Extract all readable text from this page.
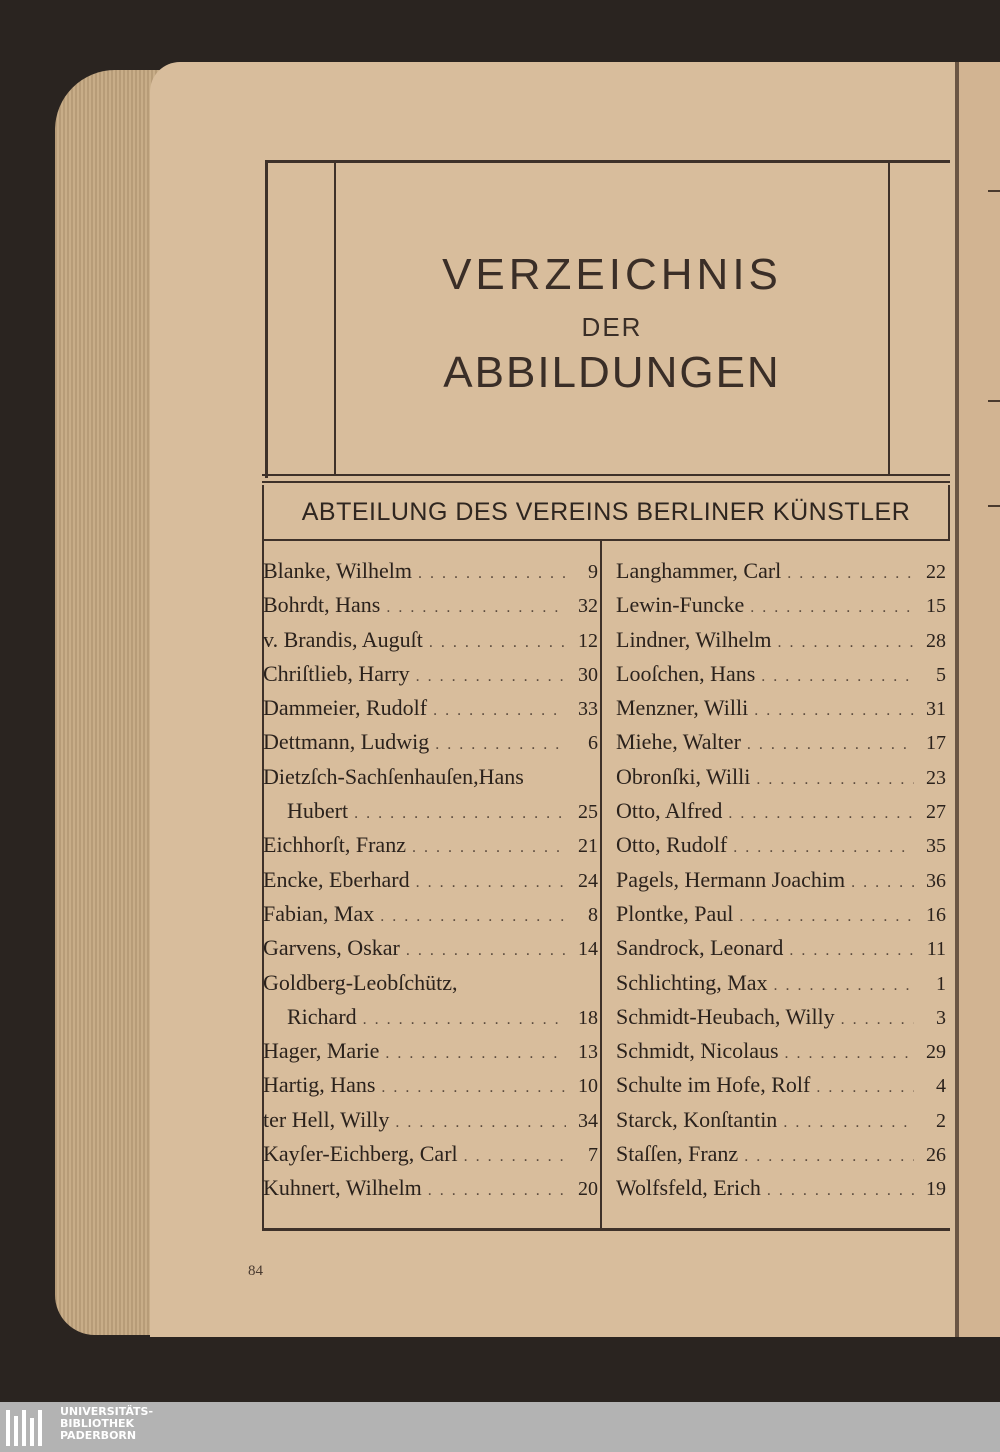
VERZEICHNIS
DER
ABBILDUNGEN
ABTEILUNG DES VEREINS BERLINER KÜNSTLER
Blanke, Wilhelm . . .	9
Bohrdt, Hans . . .	32
v. Brandis, Auguſt . . .	12
Chriſtlieb, Harry . . .	30
Dammeier, Rudolf . . .	33
Dettmann, Ludwig . . .	6
Dietzſch-Sachſenhauſen,Hans
Hubert . . .	25
Eichhorſt, Franz . . .	21
Encke, Eberhard . . .	24
Fabian, Max . . .	8
Garvens, Oskar . . .	14
Goldberg-Leobſchütz,
Richard . . .	18
Hager, Marie . . .	13
Hartig, Hans . . .	10
ter Hell, Willy . . .	34
Kayſer-Eichberg, Carl . . .	7
Kuhnert, Wilhelm . . .	20
Langhammer, Carl . . .	22
Lewin-Funcke . . .	15
Lindner, Wilhelm . . .	28
Looſchen, Hans . . .	5
Menzner, Willi . . .	31
Miehe, Walter . . .	17
Obronſki, Willi . . .	23
Otto, Alfred . . .	27
Otto, Rudolf . . .	35
Pagels, Hermann Joachim . . .	36
Plontke, Paul . . .	16
Sandrock, Leonard . . .	11
Schlichting, Max . . .	1
Schmidt-Heubach, Willy . . .	3
Schmidt, Nicolaus . . .	29
Schulte im Hofe, Rolf . . .	4
Starck, Konſtantin . . .	2
Staſſen, Franz . . .	26
Wolfsfeld, Erich . . .	19
84
UNIVERSITÄTS-
BIBLIOTHEK
PADERBORN
